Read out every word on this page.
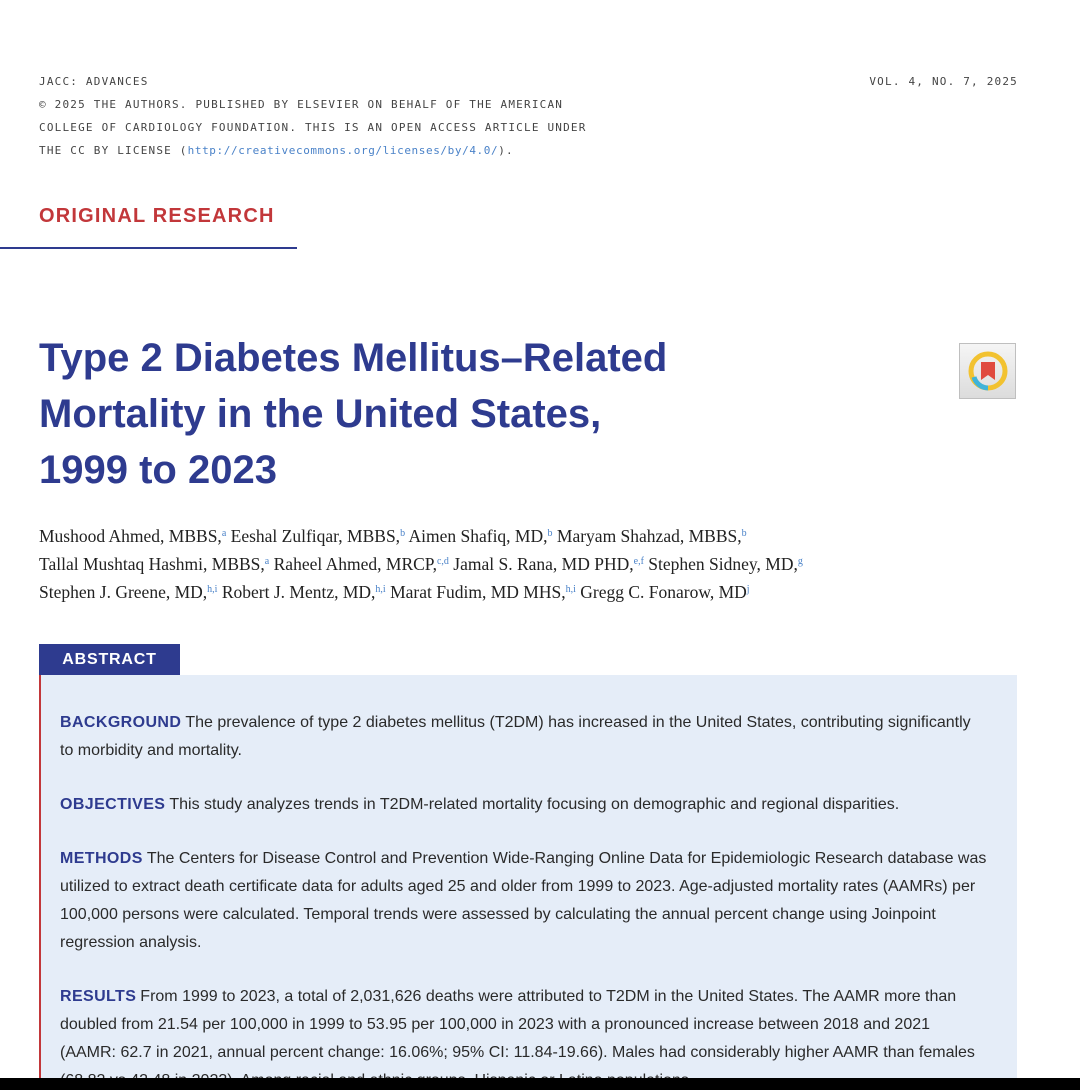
JACC: ADVANCES
© 2025 THE AUTHORS. PUBLISHED BY ELSEVIER ON BEHALF OF THE AMERICAN
COLLEGE OF CARDIOLOGY FOUNDATION. THIS IS AN OPEN ACCESS ARTICLE UNDER
THE CC BY LICENSE (http://creativecommons.org/licenses/by/4.0/).
VOL. 4, NO. 7, 2025
ORIGINAL RESEARCH
Type 2 Diabetes Mellitus–Related
Mortality in the United States,
1999 to 2023
Mushood Ahmed, MBBS,$^a$ Eeshal Zulfiqar, MBBS,$^b$ Aimen Shafiq, MD,$^b$ Maryam Shahzad, MBBS,$^b$
Tallal Mushtaq Hashmi, MBBS,$^a$ Raheel Ahmed, MRCP,$^{c,d}$ Jamal S. Rana, MD PHD,$^{e,f}$ Stephen Sidney, MD,$^g$
Stephen J. Greene, MD,$^{h,i}$ Robert J. Mentz, MD,$^{h,i}$ Marat Fudim, MD MHS,$^{h,i}$ Gregg C. Fonarow, $MD^j$
ABSTRACT

BACKGROUND The prevalence of type 2 diabetes mellitus (T2DM) has increased in the United States, contributing significantly to morbidity and mortality.

OBJECTIVES This study analyzes trends in T2DM-related mortality focusing on demographic and regional disparities.

METHODS The Centers for Disease Control and Prevention Wide-Ranging Online Data for Epidemiologic Research database was utilized to extract death certificate data for adults aged 25 and older from 1999 to 2023. Age-adjusted mortality rates (AAMRs) per 100,000 persons were calculated. Temporal trends were assessed by calculating the annual percent change using Joinpoint regression analysis.

RESULTS From 1999 to 2023, a total of 2,031,626 deaths were attributed to T2DM in the United States. The AAMR more than doubled from 21.54 per 100,000 in 1999 to 53.95 per 100,000 in 2023 with a pronounced increase between 2018 and 2021 (AAMR: 62.7 in 2021, annual percent change: 16.06%; 95% CI: 11.84-19.66). Males had considerably higher AAMR than females
